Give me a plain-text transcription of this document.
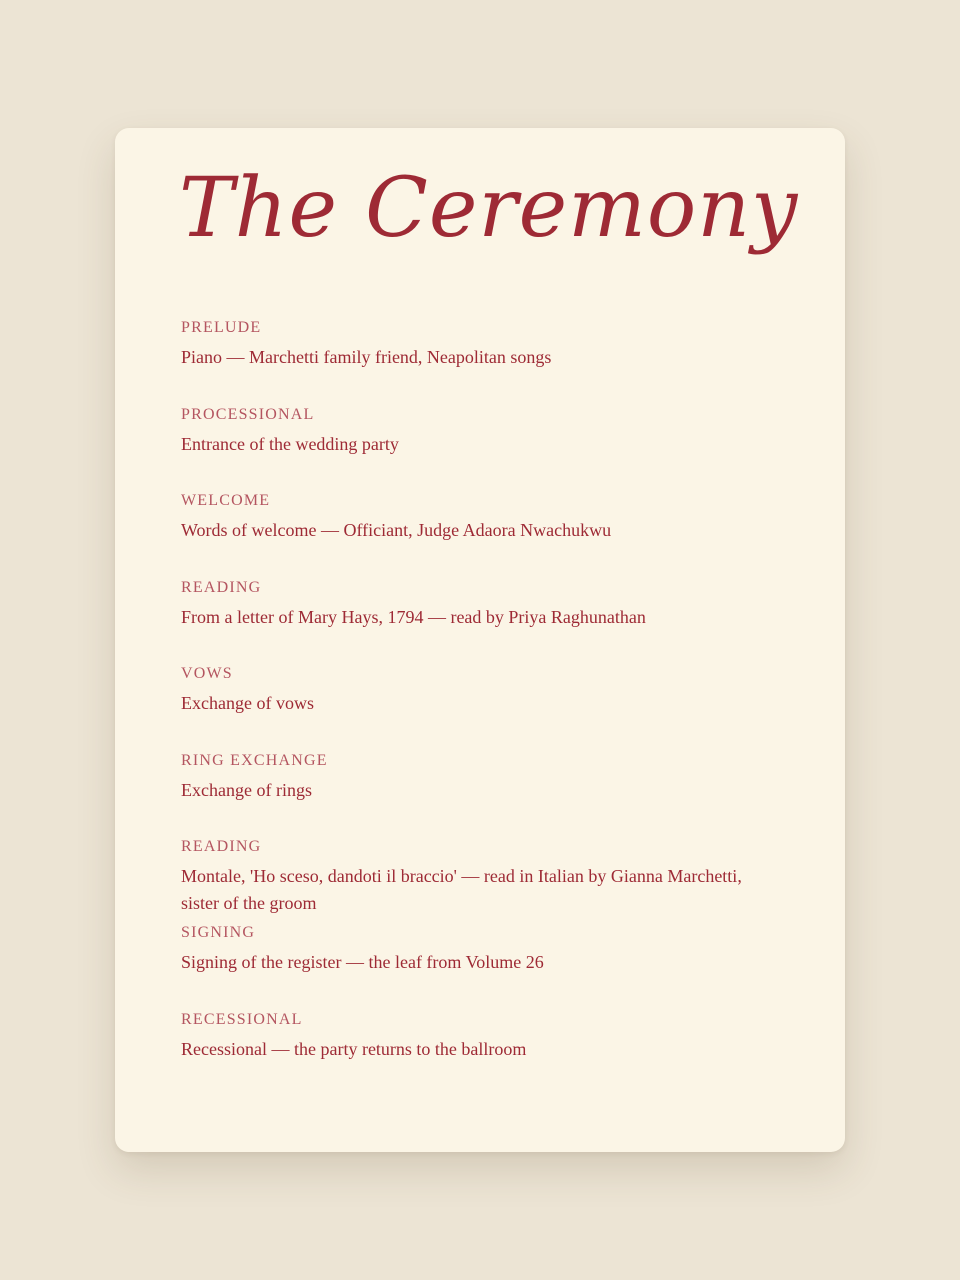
The Ceremony
PRELUDE
Piano — Marchetti family friend, Neapolitan songs
PROCESSIONAL
Entrance of the wedding party
WELCOME
Words of welcome — Officiant, Judge Adaora Nwachukwu
READING
From a letter of Mary Hays, 1794 — read by Priya Raghunathan
VOWS
Exchange of vows
RING EXCHANGE
Exchange of rings
READING
Montale, 'Ho sceso, dandoti il braccio' — read in Italian by Gianna Marchetti, sister of the groom
SIGNING
Signing of the register — the leaf from Volume 26
RECESSIONAL
Recessional — the party returns to the ballroom
